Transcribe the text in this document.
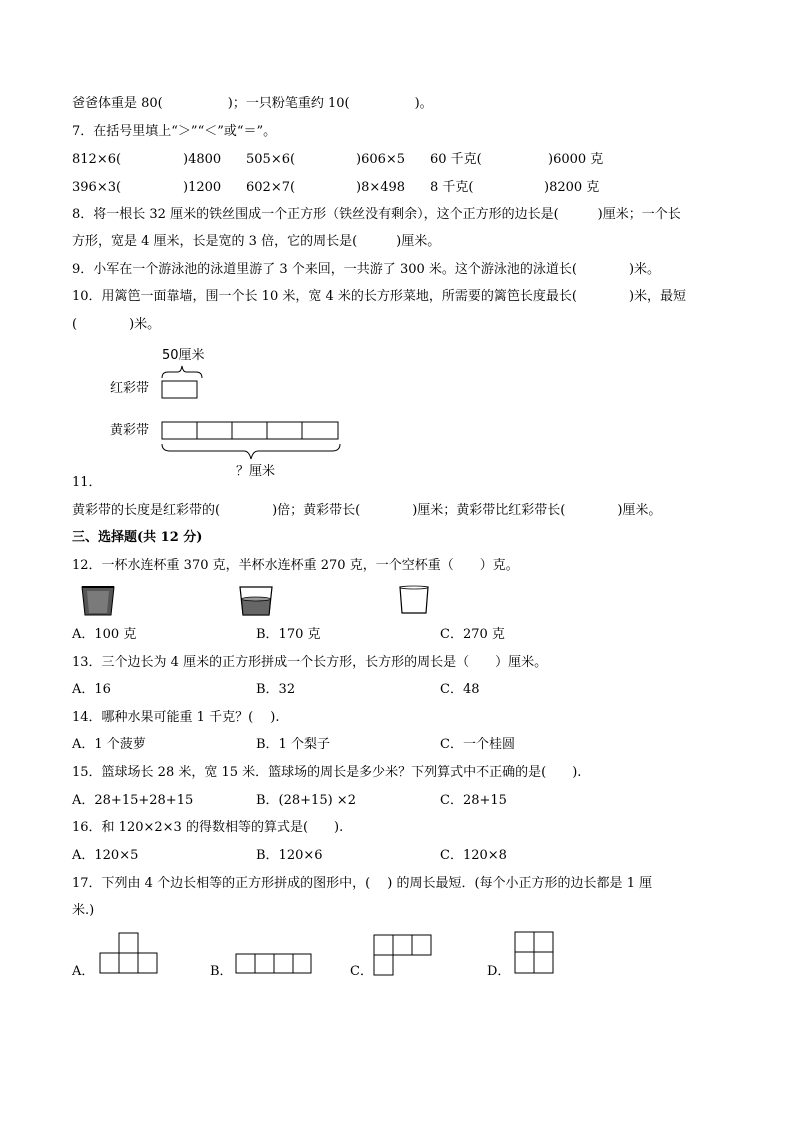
爸爸体重是 80(　　　　　)；一只粉笔重约 10(　　　　　)。
7．在括号里填上“＞”“＜”或“＝”。
812×6(	)4800 505×6(	)606×5 60 千克(	)6000 克
396×3(	)1200 602×7(	)8×498 8 千克(	)8200 克
8．将一根长 32 厘米的铁丝围成一个正方形（铁丝没有剩余），这个正方形的边长是(　　　)厘米；一个长
方形，宽是 4 厘米，长是宽的 3 倍，它的周长是(　　　)厘米。
9．小军在一个游泳池的泳道里游了 3 个来回，一共游了 300 米。这个游泳池的泳道长(　　　　)米。
10．用篱笆一面靠墙，围一个长 10 米，宽 4 米的长方形菜地，所需要的篱笆长度最长(　　　　)米，最短
(　　　　)米。
50厘米
红彩带
黄彩带
？厘米
11．
黄彩带的长度是红彩带的(　　　　)倍；黄彩带长(　　　　)厘米；黄彩带比红彩带长(　　　　)厘米。
三、选择题(共 12 分)
12．一杯水连杯重 370 克，半杯水连杯重 270 克，一个空杯重（　　）克。
A．100 克	B．170 克	C．270 克
13．三个边长为 4 厘米的正方形拼成一个长方形，长方形的周长是（　　）厘米。
A．16	B．32	C．48
14．哪种水果可能重 1 千克？(　 ).
A．1 个菠萝	B．1 个梨子	C．一个桂圆
15．篮球场长 28 米，宽 15 米．篮球场的周长是多少米？下列算式中不正确的是(　　).
A．28+15+28+15	B．(28+15) ×2	C．28+15
16．和 120×2×3 的得数相等的算式是(　　).
A．120×5	B．120×6	C．120×8
17．下列由 4 个边长相等的正方形拼成的图形中，(　 ) 的周长最短．(每个小正方形的边长都是 1 厘
米.)
A．	B．	C．	D．
